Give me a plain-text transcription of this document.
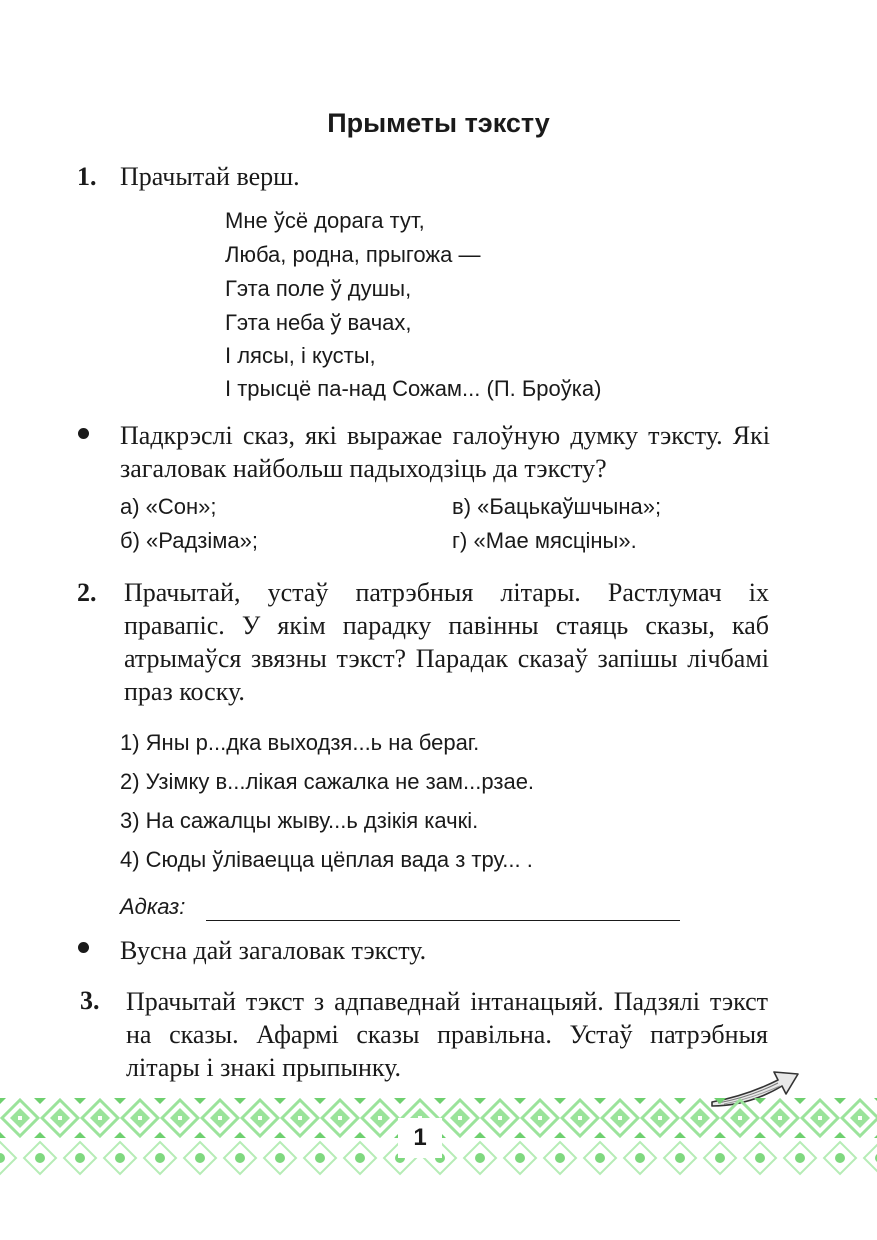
Прыметы тэксту
1. Прачытай верш.
Мне ўсё дорага тут,
Люба, родна, прыгожа —
Гэта поле ў душы,
Гэта неба ў вачах,
І лясы, і кусты,
І трысцё па-над Сожам... (П. Броўка)
Падкрэслі сказ, які выражае галоўную думку тэксту. Які загаловак найбольш падыходзіць да тэксту?
а) «Сон»;	в) «Бацькаўшчына»;
б) «Радзіма»;	г) «Мае мясціны».
2. Прачытай, устаў патрэбныя літары. Растлумач іх правапіс. У якім парадку павінны стаяць сказы, каб атрымаўся звязны тэкст? Парадак сказаў запішы лічбамі праз коску.
1) Яны р...дка выходзя...ь на бераг.
2) Узімку в...лікая сажалка не зам...рзае.
3) На сажалцы жыву...ь дзікія качкі.
4) Сюды ўліваецца цёплая вада з тру... .
Адказ:
Вусна дай загаловак тэксту.
3. Прачытай тэкст з адпаведнай інтанацыяй. Падзялі тэкст на сказы. Афармі сказы правільна. Устаў патрэбныя літары і знакі прыпынку.
1
